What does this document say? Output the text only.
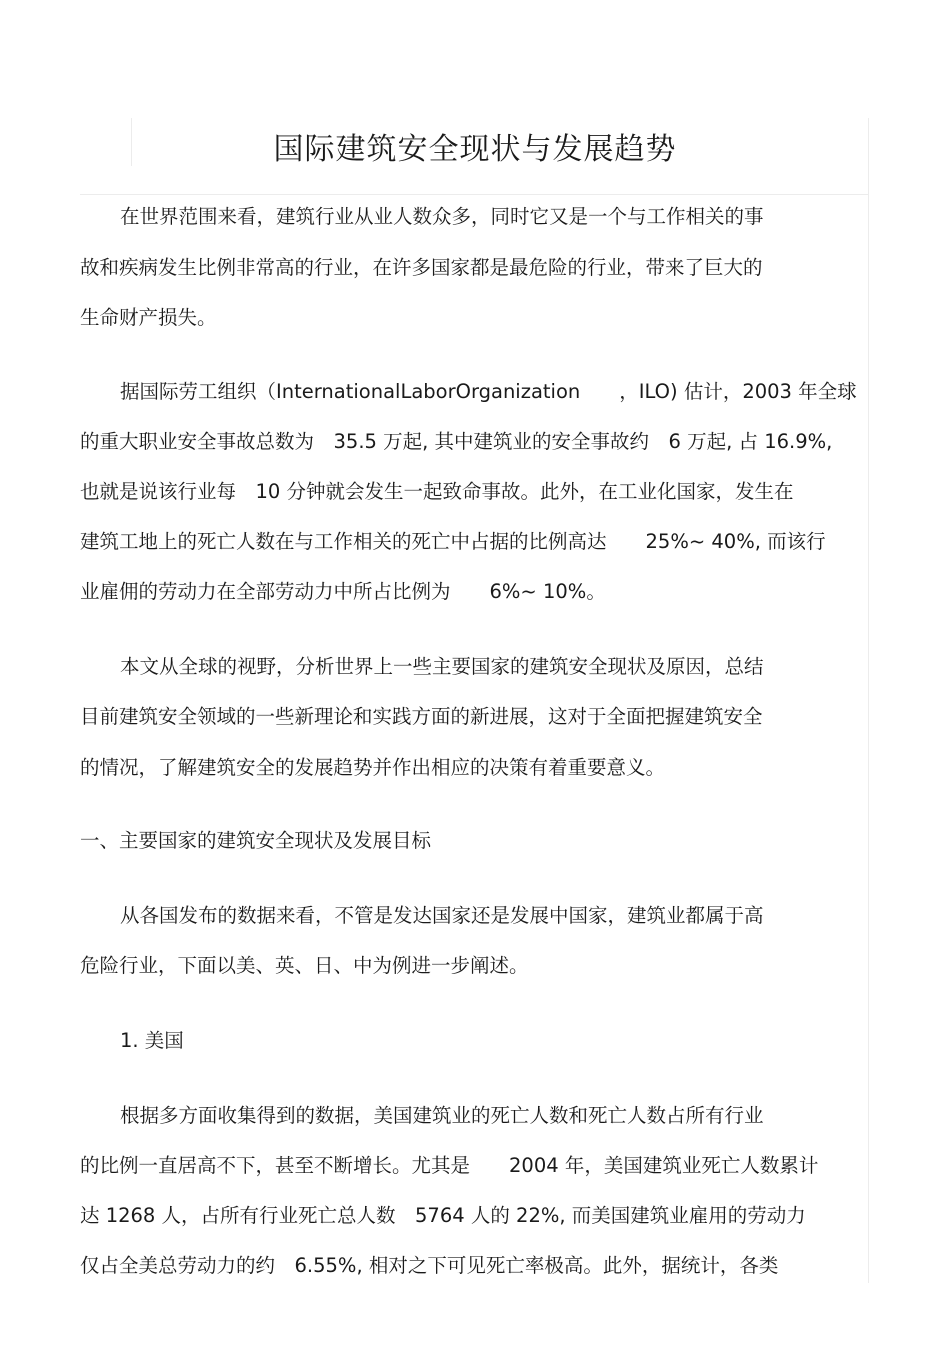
国际建筑安全现状与发展趋势
在世界范围来看，建筑行业从业人数众多，同时它又是一个与工作相关的事
故和疾病发生比例非常高的行业，在许多国家都是最危险的行业，带来了巨大的
生命财产损失。
据国际劳工组织（InternationalLaborOrganization　　，ILO) 估计，2003 年全球
的重大职业安全事故总数为　35.5 万起, 其中建筑业的安全事故约　6 万起, 占 16.9%,
也就是说该行业每　10 分钟就会发生一起致命事故。此外，在工业化国家，发生在
建筑工地上的死亡人数在与工作相关的死亡中占据的比例高达　　25%~ 40%, 而该行
业雇佣的劳动力在全部劳动力中所占比例为　　6%~ 10%。
本文从全球的视野，分析世界上一些主要国家的建筑安全现状及原因，总结
目前建筑安全领域的一些新理论和实践方面的新进展，这对于全面把握建筑安全
的情况，了解建筑安全的发展趋势并作出相应的决策有着重要意义。
一、主要国家的建筑安全现状及发展目标
从各国发布的数据来看，不管是发达国家还是发展中国家，建筑业都属于高
危险行业，下面以美、英、日、中为例进一步阐述。
1. 美国
根据多方面收集得到的数据，美国建筑业的死亡人数和死亡人数占所有行业
的比例一直居高不下，甚至不断增长。尤其是　　2004 年，美国建筑业死亡人数累计
达 1268 人，占所有行业死亡总人数　5764 人的 22%, 而美国建筑业雇用的劳动力
仅占全美总劳动力的约　6.55%, 相对之下可见死亡率极高。此外，据统计，各类
